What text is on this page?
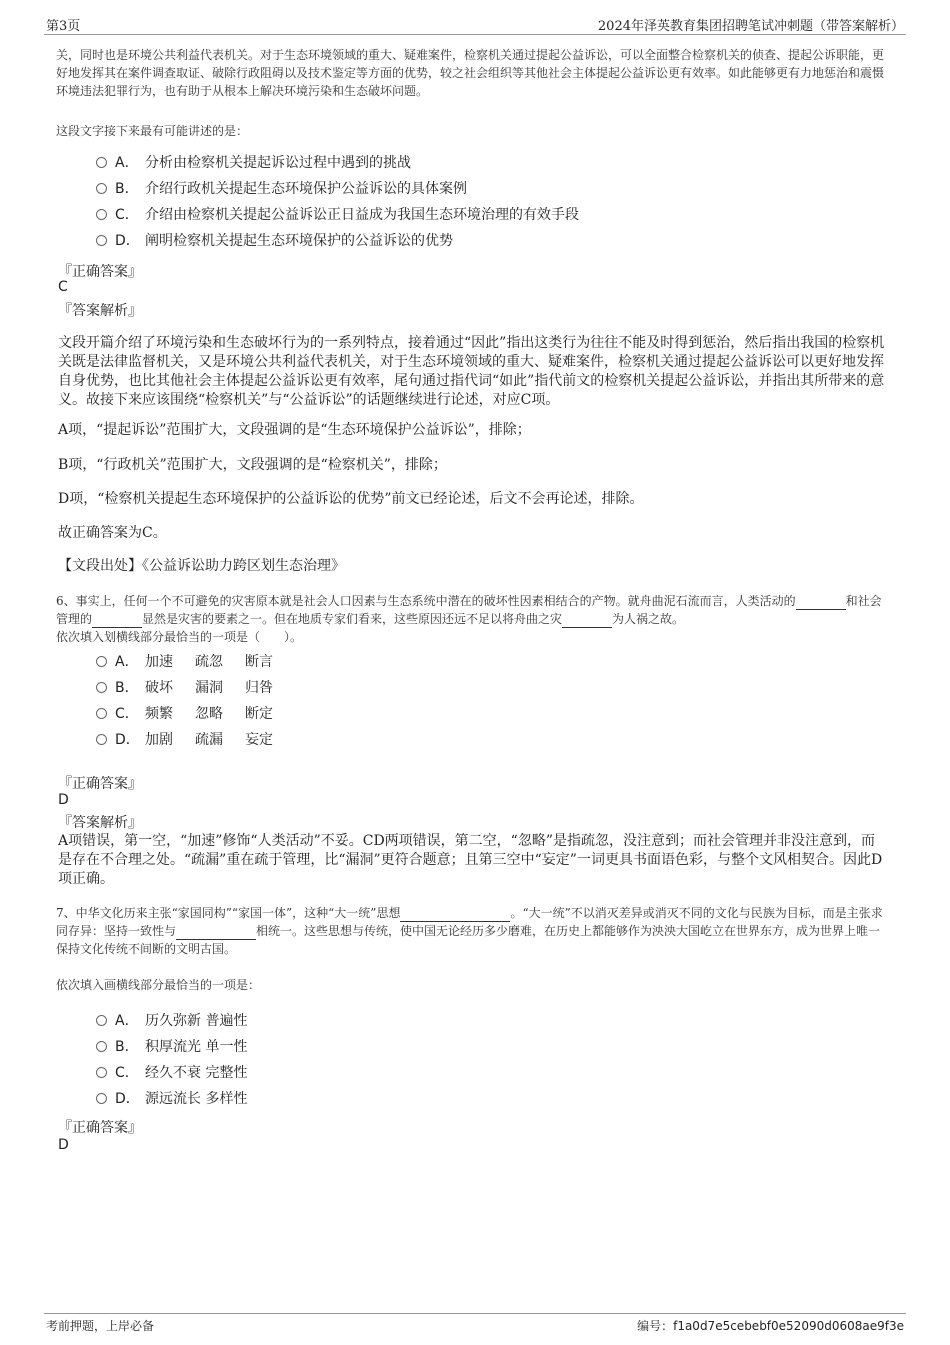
第3页	2024年泽英教育集团招聘笔试冲刺题（带答案解析）
关，同时也是环境公共利益代表机关。对于生态环境领域的重大、疑难案件，检察机关通过提起公益诉讼，可以全面整合检察机关的侦查、提起公诉职能，更好地发挥其在案件调查取证、破除行政阻碍以及技术鉴定等方面的优势，较之社会组织等其他社会主体提起公益诉讼更有效率。如此能够更有力地惩治和震慑环境违法犯罪行为，也有助于从根本上解决环境污染和生态破坏问题。
这段文字接下来最有可能讲述的是：
A． 分析由检察机关提起诉讼过程中遇到的挑战
B． 介绍行政机关提起生态环境保护公益诉讼的具体案例
C． 介绍由检察机关提起公益诉讼正日益成为我国生态环境治理的有效手段
D． 阐明检察机关提起生态环境保护的公益诉讼的优势
『正确答案』
C
『答案解析』
文段开篇介绍了环境污染和生态破坏行为的一系列特点，接着通过“因此”指出这类行为往往不能及时得到惩治，然后指出我国的检察机关既是法律监督机关，又是环境公共利益代表机关，对于生态环境领域的重大、疑难案件，检察机关通过提起公益诉讼可以更好地发挥自身优势，也比其他社会主体提起公益诉讼更有效率，尾句通过指代词“如此”指代前文的检察机关提起公益诉讼，并指出其所带来的意义。故接下来应该围绕“检察机关”与“公益诉讼”的话题继续进行论述，对应C项。
A项，“提起诉讼”范围扩大，文段强调的是“生态环境保护公益诉讼”，排除；
B项，“行政机关”范围扩大，文段强调的是“检察机关”，排除；
D项，“检察机关提起生态环境保护的公益诉讼的优势”前文已经论述，后文不会再论述，排除。
故正确答案为C。
【文段出处】《公益诉讼助力跨区划生态治理》
6、事实上，任何一个不可避免的灾害原本就是社会人口因素与生态系统中潜在的破坏性因素相结合的产物。就舟曲泥石流而言，人类活动的	和社会管理的	显然是灾害的要素之一。但在地质专家们看来，这些原因还远不足以将舟曲之灾	为人祸之故。
依次填入划横线部分最恰当的一项是（　　）。
A． 加速 疏忽 断言
B． 破坏 漏洞 归咎
C． 频繁 忽略 断定
D． 加剧 疏漏 妄定
『正确答案』
D
『答案解析』
A项错误，第一空，“加速”修饰“人类活动”不妥。CD两项错误，第二空，“忽略”是指疏忽，没注意到；而社会管理并非没注意到，而是存在不合理之处。“疏漏”重在疏于管理，比“漏洞”更符合题意；且第三空中“妄定”一词更具书面语色彩，与整个文风相契合。因此D项正确。
7、中华文化历来主张“家国同构”“家国一体”，这种“大一统”思想	。“大一统”不以消灭差异或消灭不同的文化与民族为目标，而是主张求同存异：坚持一致性与	相统一。这些思想与传统，使中国无论经历多少磨难，在历史上都能够作为泱泱大国屹立在世界东方，成为世界上唯一保持文化传统不间断的文明古国。
依次填入画横线部分最恰当的一项是：
A． 历久弥新 普遍性
B． 积厚流光 单一性
C． 经久不衰 完整性
D． 源远流长 多样性
『正确答案』
D
考前押题，上岸必备	编号：f1a0d7e5cebebf0e52090d0608ae9f3e
